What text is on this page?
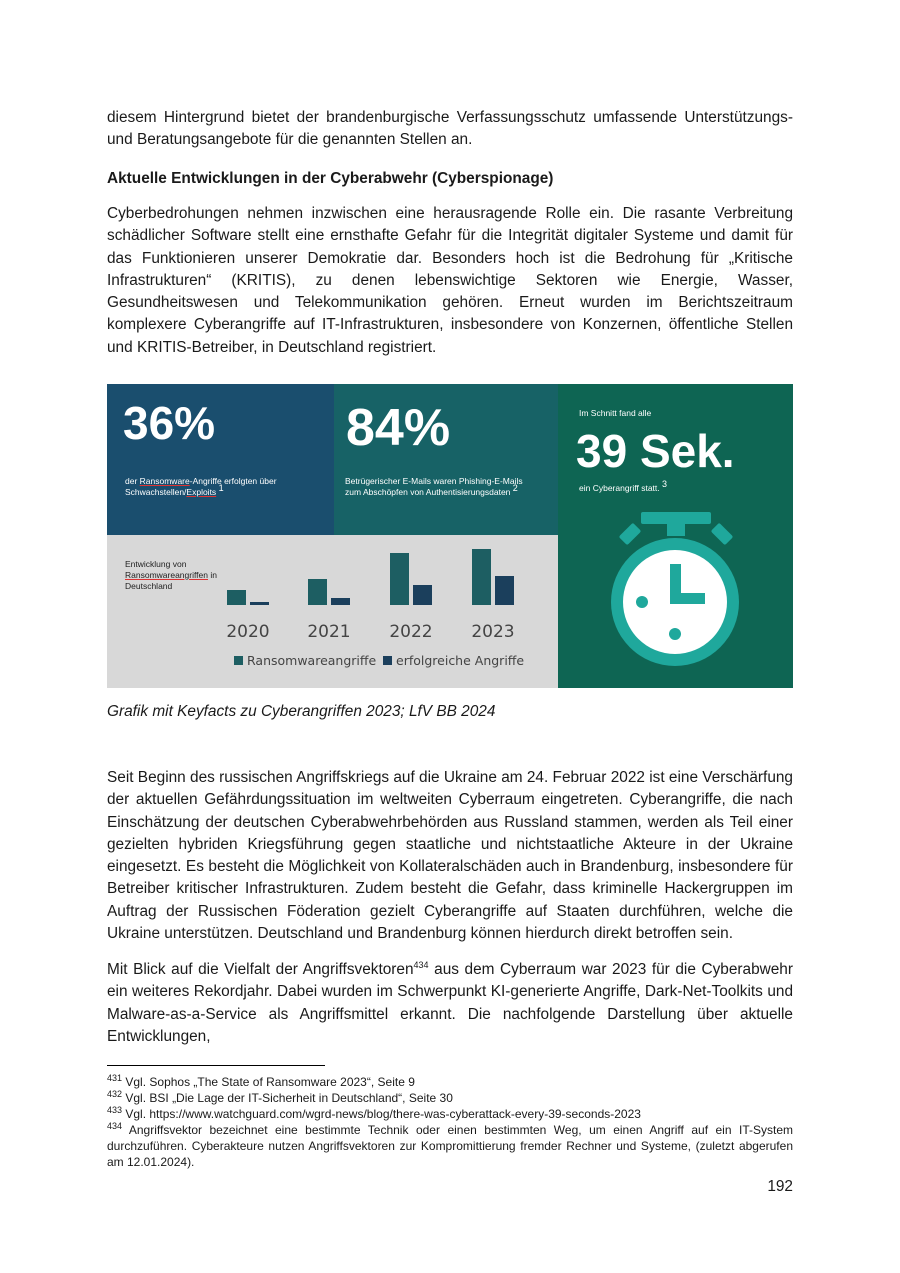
diesem Hintergrund bietet der brandenburgische Verfassungsschutz umfassende Unterstützungs- und Beratungsangebote für die genannten Stellen an.

Aktuelle Entwicklungen in der Cyberabwehr (Cyberspionage)

Cyberbedrohungen nehmen inzwischen eine herausragende Rolle ein. Die rasante Verbreitung schädlicher Software stellt eine ernsthafte Gefahr für die Integrität digitaler Systeme und damit für das Funktionieren unserer Demokratie dar. Besonders hoch ist die Bedrohung für „Kritische Infrastrukturen“ (KRITIS), zu denen lebenswichtige Sektoren wie Energie, Wasser, Gesundheitswesen und Telekommunikation gehören. Erneut wurden im Berichtszeitraum komplexere Cyberangriffe auf IT-Infrastrukturen, insbesondere von Konzernen, öffentliche Stellen und KRITIS-Betreiber, in Deutschland registriert.

36%
der Ransomware-Angriffe erfolgten über Schwachstellen/Exploits $^1$
84%
Betrügerischer E-Mails waren Phishing-E-Mails zum Abschöpfen von Authentisierungsdaten $^2$
Im Schnitt fand alle
39 Sek.
ein Cyberangriff statt. $^3$
Entwicklung von
Ransomwareangriffen in
Deutschland
2020 2021 2022 2023
Ransomwareangriffe erfolgreiche Angriffe

Grafik mit Keyfacts zu Cyberangriffen 2023; LfV BB 2024

Seit Beginn des russischen Angriffskriegs auf die Ukraine am 24. Februar 2022 ist eine Verschärfung der aktuellen Gefährdungssituation im weltweiten Cyberraum eingetreten. Cyberangriffe, die nach Einschätzung der deutschen Cyberabwehrbehörden aus Russland stammen, werden als Teil einer gezielten hybriden Kriegsführung gegen staatliche und nichtstaatliche Akteure in der Ukraine eingesetzt. Es besteht die Möglichkeit von Kollateralschäden auch in Brandenburg, insbesondere für Betreiber kritischer Infrastrukturen. Zudem besteht die Gefahr, dass kriminelle Hackergruppen im Auftrag der Russischen Föderation gezielt Cyberangriffe auf Staaten durchführen, welche die Ukraine unterstützen. Deutschland und Brandenburg können hierdurch direkt betroffen sein.

Mit Blick auf die Vielfalt der Angriffsvektoren$^{434}$ aus dem Cyberraum war 2023 für die Cyberabwehr ein weiteres Rekordjahr. Dabei wurden im Schwerpunkt KI-generierte Angriffe, Dark-Net-Toolkits und Malware-as-a-Service als Angriffsmittel erkannt. Die nachfolgende Darstellung über aktuelle Entwicklungen,

$^{431}$ Vgl. Sophos „The State of Ransomware 2023“, Seite 9

$^{432}$ Vgl. BSI „Die Lage der IT-Sicherheit in Deutschland“, Seite 30

$^{433}$ Vgl. https://www.watchguard.com/wgrd-news/blog/there-was-cyberattack-every-39-seconds-2023

$^{434}$ Angriffsvektor bezeichnet eine bestimmte Technik oder einen bestimmten Weg, um einen Angriff auf ein IT-System durchzuführen. Cyberakteure nutzen Angriffsvektoren zur Kompromittierung fremder Rechner und Systeme, (zuletzt abgerufen am 12.01.2024).

192
